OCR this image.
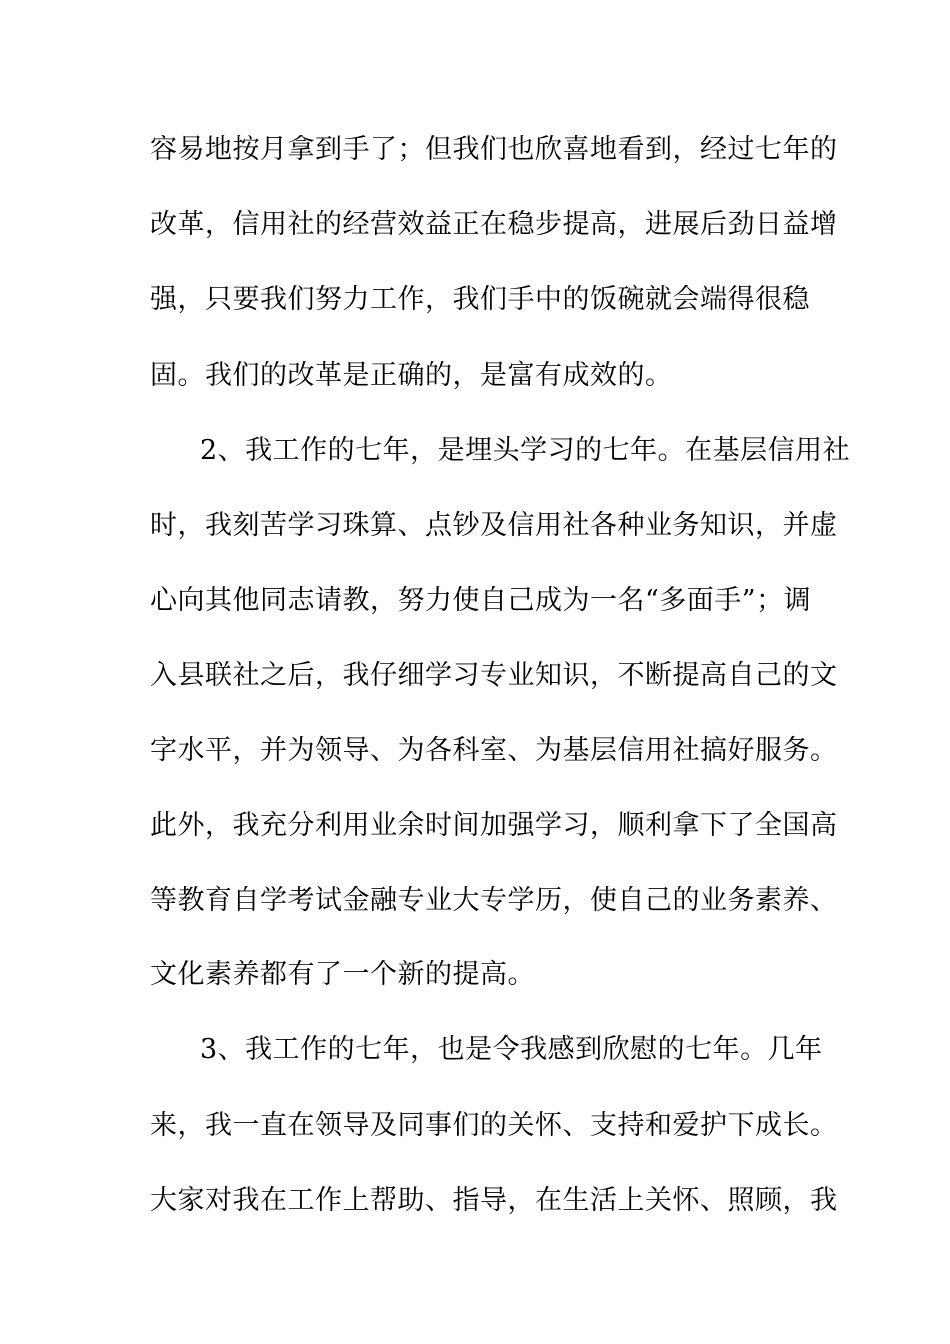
容易地按月拿到手了；但我们也欣喜地看到，经过七年的
改革，信用社的经营效益正在稳步提高，进展后劲日益增
强，只要我们努力工作，我们手中的饭碗就会端得很稳
固。我们的改革是正确的，是富有成效的。
2、我工作的七年，是埋头学习的七年。在基层信用社
时，我刻苦学习珠算、点钞及信用社各种业务知识，并虚
心向其他同志请教，努力使自己成为一名“多面手”；调
入县联社之后，我仔细学习专业知识，不断提高自己的文
字水平，并为领导、为各科室、为基层信用社搞好服务。
此外，我充分利用业余时间加强学习，顺利拿下了全国高
等教育自学考试金融专业大专学历，使自己的业务素养、
文化素养都有了一个新的提高。
3、我工作的七年，也是令我感到欣慰的七年。几年
来，我一直在领导及同事们的关怀、支持和爱护下成长。
大家对我在工作上帮助、指导，在生活上关怀、照顾，我
